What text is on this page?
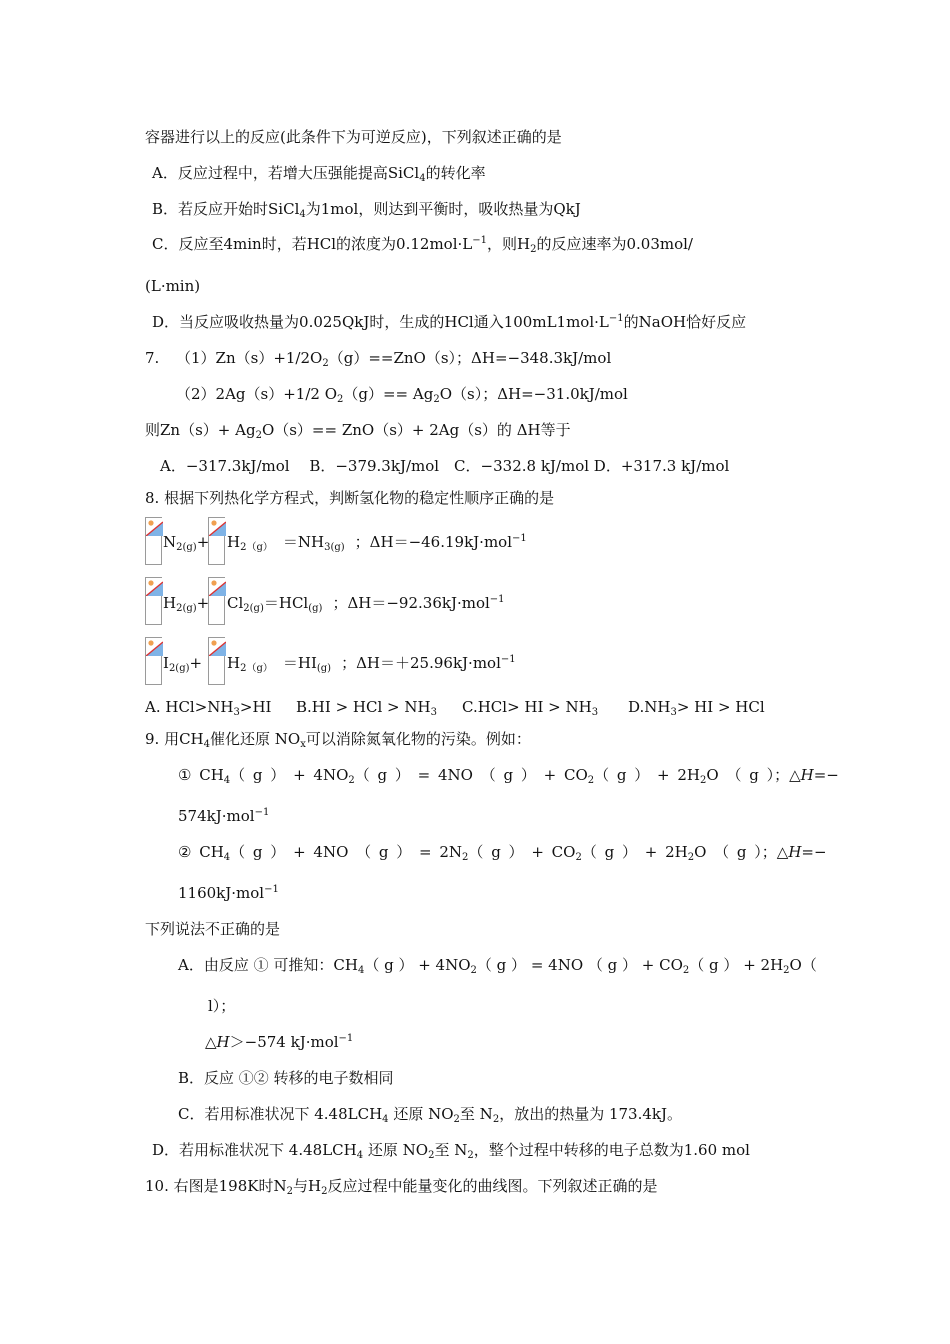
容器进行以上的反应(此条件下为可逆反应)，下列叙述正确的是
A．反应过程中，若增大压强能提高SiCl$_4$的转化率
B．若反应开始时SiCl$_4$为1mol，则达到平衡时，吸收热量为QkJ
C．反应至4min时，若HCl的浓度为$0.12mol\cdot L^{-1}$，则$H_2$的反应速率为0.03mol/
(L·min)
D．当反应吸收热量为0.025QkJ时，生成的HCl通入$100mL1mol\cdot L^{-1}$的NaOH恰好反应
7. $(1)Zn(s)+1/2O_2(g)==ZnO(s)$；ΔH=−348.3kJ/mol
（2）2Ag（s）+1/2 $O_2(g)== Ag_2O(s)$；ΔH=−31.0kJ/mol
则$Zn(s)+ Ag_2O(s)== ZnO(s)+ 2Ag(s)$的 ΔH等于
A．−317.3kJ/mol　 B．−379.3kJ/mol　C．−332.8 kJ/mol D．+317.3 kJ/mol
8. 根据下列热化学方程式，判断氢化物的稳定性顺序正确的是
$N_{2(g)}+ H_{2(g)} =NH_{3(g)}$ ；ΔH＝−46.19kJ·mol$^{-1}$
$H_{2(g)}+ Cl_{2(g)}=HCl_{(g)}$ ；ΔH＝−92.36kJ·mol$^{-1}$
$I_{2(g)}+ H_{2(g)} =HI_{(g)}$ ；ΔH＝＋25.96kJ·mol$^{-1}$
A. $HCl>NH_3>HI$ B.HI > HCl > $NH_3$ C.HCl> HI > $NH_3$ $D.NH_3>$ HI > HCl
9. 用$CH_4$催化还原 $NO_x$可以消除氮氧化物的污染。例如：
① $CH_4$（ g ） + $4NO_2$（ g ） = 4NO （ g ） + $CO_2$（ g ） + $2H_2O$ （ g ）；△H=−
574kJ·mol$^{-1}$
② $CH_4$（ g ） + 4NO （ g ） = $2N_2$（ g ） + $CO_2$（ g ） + $2H_2O$ （ g ）；△H=−
1160kJ·mol$^{-1}$
下列说法不正确的是
A．由反应 ① 可推知：$CH_4$（ g ） + $4NO_2$（ g ） = 4NO （ g ） + $CO_2$（ g ） + $2H_2O$（
l）；
△H＞−574 kJ·mol$^{-1}$
B．反应 ①② 转移的电子数相同
C．若用标准状况下 $4.48LCH_4$ 还原 $NO_2$至 $N_2$，放出的热量为 173.4kJ。
D．若用标准状况下 $4.48LCH_4$ 还原 $NO_2$至 $N_2$，整个过程中转移的电子总数为1.60 mol
10. 右图是198K时$N_2$与$H_2$反应过程中能量变化的曲线图。下列叙述正确的是
